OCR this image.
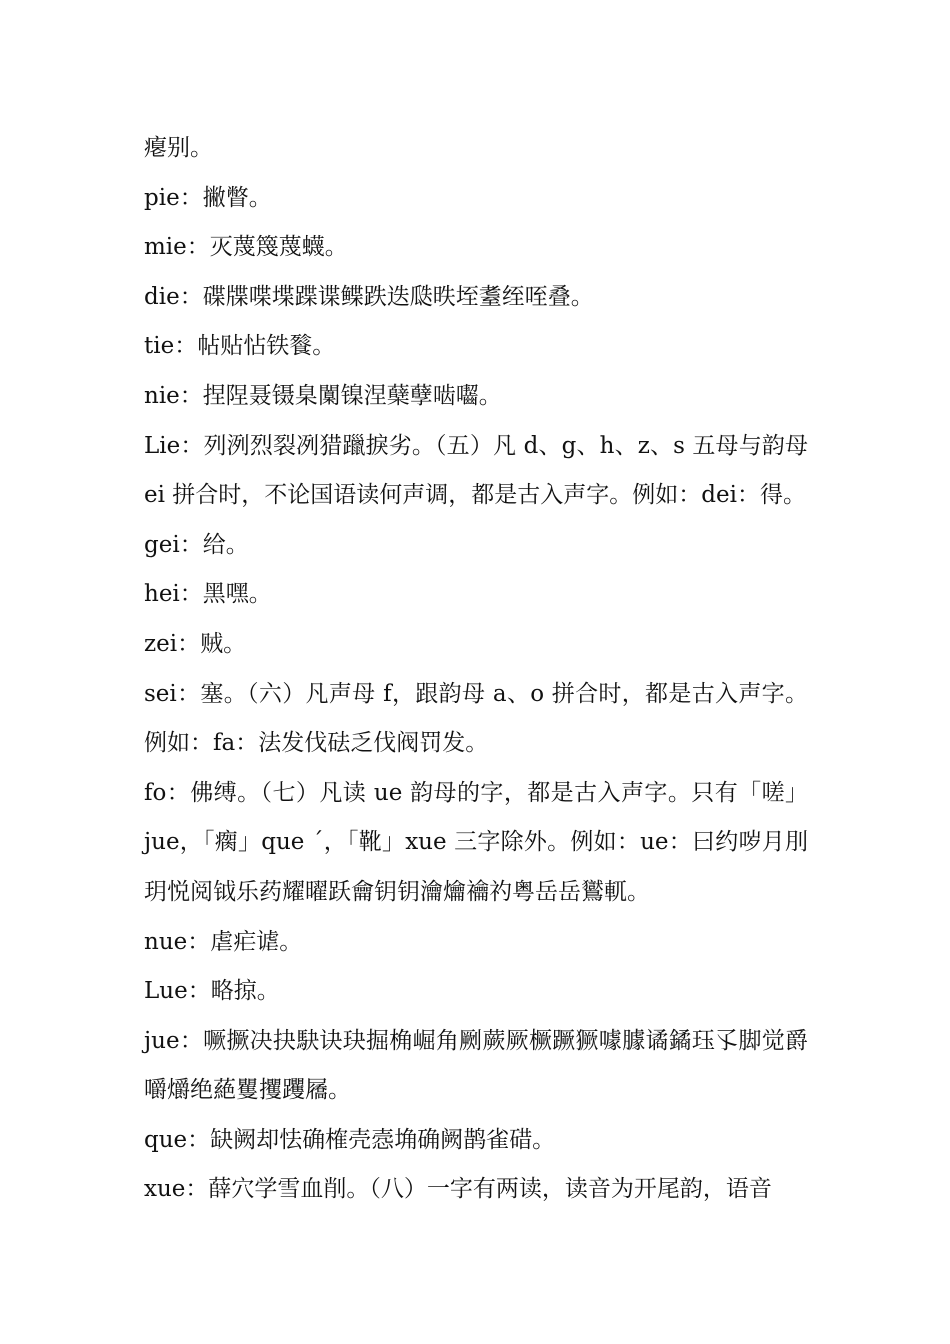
瘪别。

pie：撇瞥。

mie：灭蔑篾蔑蠛。

die：碟牒喋堞蹀谍鲽跌迭瓞昳垤耋绖咥叠。

tie：帖贴怗铁餮。

nie：捏陧聂镊臬闑镍涅蘖孽啮囓。

Lie：列洌烈裂冽猎躐捩劣。（五）凡 d、g、h、z、s 五母与韵母 ei 拼合时，不论国语读何声调，都是古入声字。例如：dei：得。

gei：给。

hei：黑嘿。

zei：贼。

sei：塞。（六）凡声母 f，跟韵母 a、o 拼合时，都是古入声字。例如：fa：法发伐砝乏伐阀罚发。

fo：佛缚。（七）凡读 ue 韵母的字，都是古入声字。只有「嗟」jue，「瘸」que ˊ，「靴」xue 三字除外。例如：ue：曰约哕月刖玥悦阅钺乐药耀曜跃龠钥钥瀹爚禴礿粤岳岳鸑軏。

nue：虐疟谑。

Lue：略掠。

jue：噘撅决抉駃诀玦掘桷崛角劂蕨厥橛蹶獗噱臄谲鐍珏孓脚觉爵嚼爝绝蕝矍攫躩屩。

que：缺阙却怯确榷壳悫埆确阙鹊雀碏。

xue：薛穴学雪血削。（八）一字有两读，读音为开尾韵，语音
